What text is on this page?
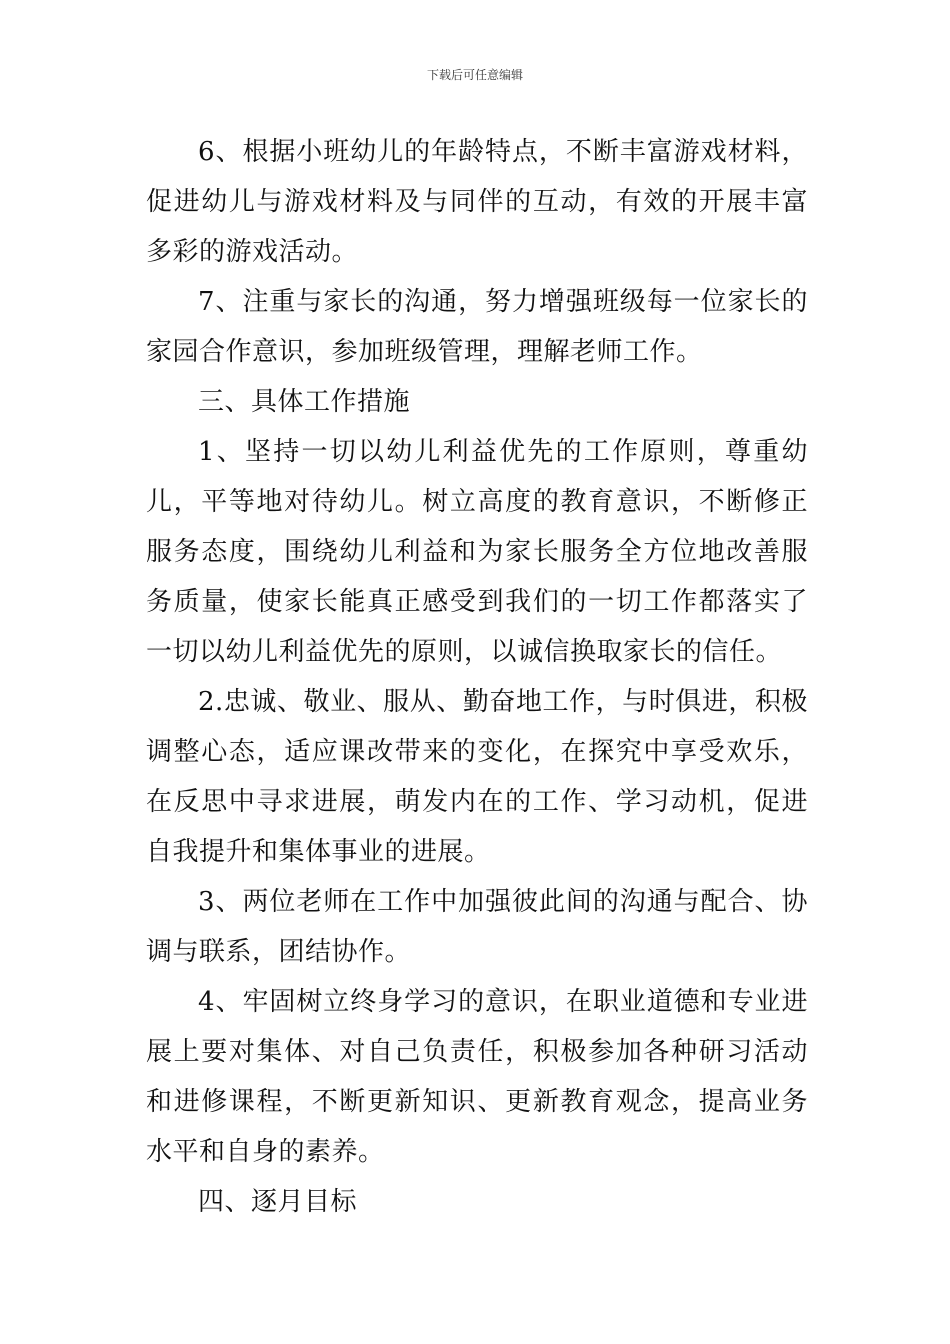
下载后可任意编辑

6、根据小班幼儿的年龄特点，不断丰富游戏材料，促进幼儿与游戏材料及与同伴的互动，有效的开展丰富多彩的游戏活动。

7、注重与家长的沟通，努力增强班级每一位家长的家园合作意识，参加班级管理，理解老师工作。

三、具体工作措施

1、坚持一切以幼儿利益优先的工作原则，尊重幼儿，平等地对待幼儿。树立高度的教育意识，不断修正服务态度，围绕幼儿利益和为家长服务全方位地改善服务质量，使家长能真正感受到我们的一切工作都落实了一切以幼儿利益优先的原则，以诚信换取家长的信任。

2.忠诚、敬业、服从、勤奋地工作，与时俱进，积极调整心态，适应课改带来的变化，在探究中享受欢乐，在反思中寻求进展，萌发内在的工作、学习动机，促进自我提升和集体事业的进展。

3、两位老师在工作中加强彼此间的沟通与配合、协调与联系，团结协作。

4、牢固树立终身学习的意识，在职业道德和专业进展上要对集体、对自己负责任，积极参加各种研习活动和进修课程，不断更新知识、更新教育观念，提高业务水平和自身的素养。

四、逐月目标
